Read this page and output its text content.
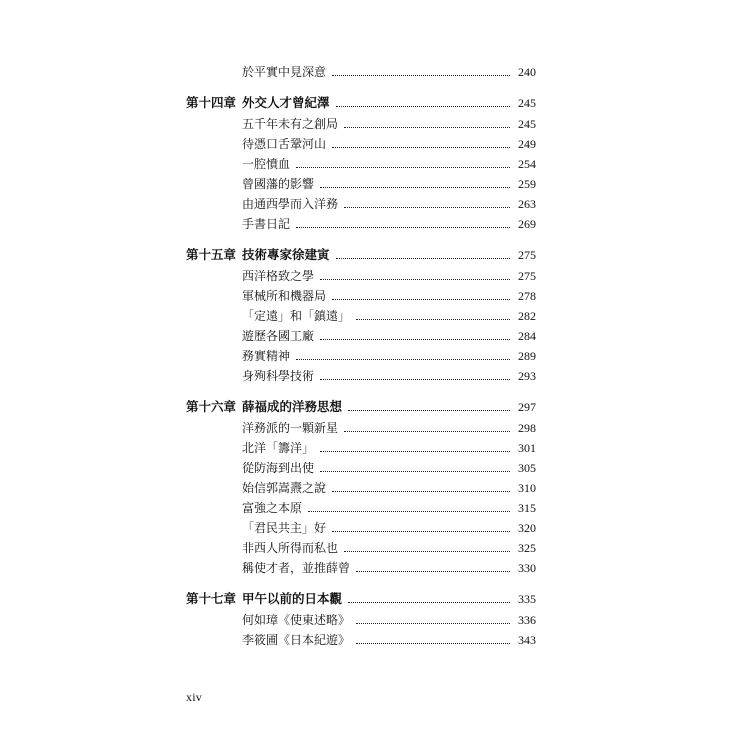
於平實中見深意	240
第十四章 外交人才曾紀澤	245
五千年未有之創局	245
待憑口舌鞏河山	249
一腔憤血	254
曾國藩的影響	259
由通西學而入洋務	263
手書日記	269
第十五章 技術專家徐建寅	275
西洋格致之學	275
軍械所和機器局	278
「定遠」和「鎮遠」	282
遊歷各國工廠	284
務實精神	289
身殉科學技術	293
第十六章 薛福成的洋務思想	297
洋務派的一顆新星	298
北洋「籌洋」	301
從防海到出使	305
始信郭嵩燾之說	310
富強之本原	315
「君民共主」好	320
非西人所得而私也	325
稱使才者，並推薛曾	330
第十七章 甲午以前的日本觀	335
何如璋《使東述略》	336
李筱圃《日本紀遊》	343
xiv
